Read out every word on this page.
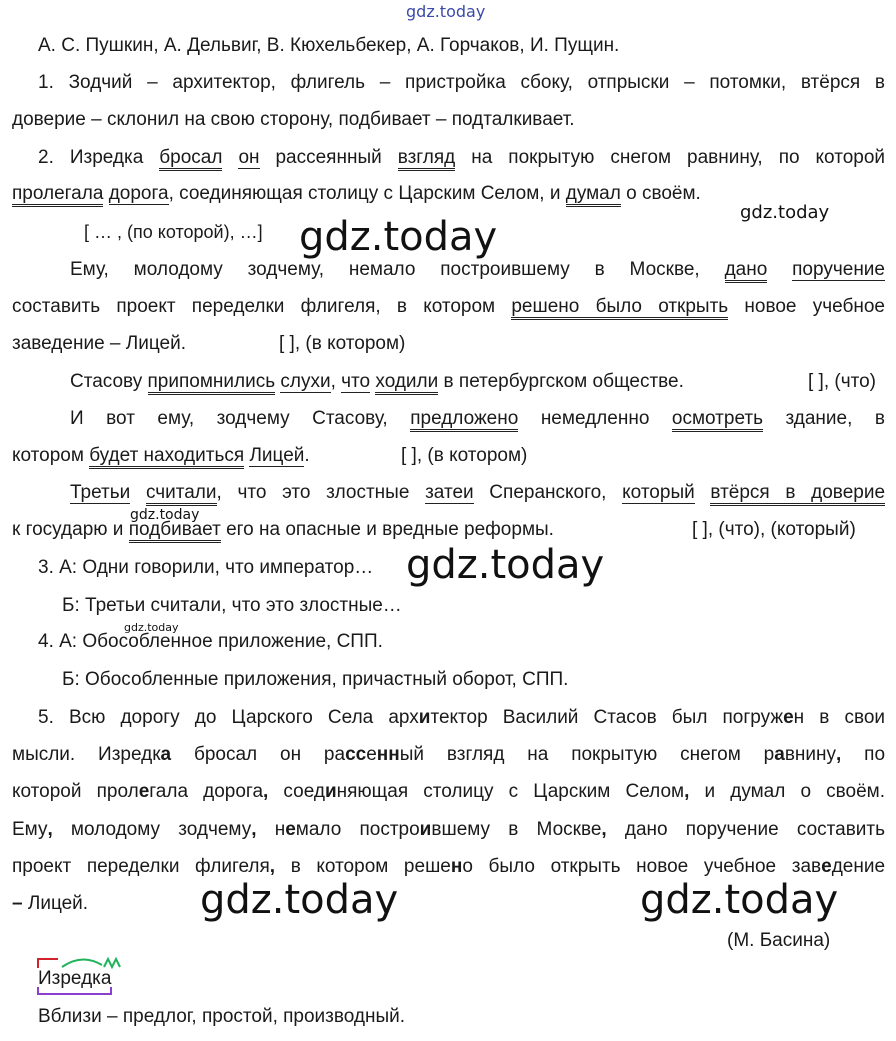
gdz.today
gdz.today
gdz.today
gdz.today
gdz.today
gdz.today
gdz.today	gdz.today
А. С. Пушкин, А. Дельвиг, В. Кюхельбекер, А. Горчаков, И. Пущин.
1. Зодчий – архитектор, флигель – пристройка сбоку, отпрыски – потомки, втёрся в
доверие – склонил на свою сторону, подбивает – подталкивает.
2. Изредка бросал он рассеянный взгляд на покрытую снегом равнину, по которой
пролегала дорога, соединяющая столицу с Царским Селом, и думал о своём.
[ … , (по которой), …]
Ему, молодому зодчему, немало построившему в Москве, дано поручение
составить проект переделки флигеля, в котором решено было открыть новое учебное
заведение – Лицей.	[ ], (в котором)
Стасову припомнились слухи, что ходили в петербургском обществе.	[ ], (что)
И вот ему, зодчему Стасову, предложено немедленно осмотреть здание, в
котором будет находиться Лицей.	[ ], (в котором)
Третьи считали, что это злостные затеи Сперанского, который втёрся в доверие
к государю и подбивает его на опасные и вредные реформы.	[ ], (что), (который)
3. А: Одни говорили, что император…
Б: Третьи считали, что это злостные…
4. А: Обособленное приложение, СПП.
Б: Обособленные приложения, причастный оборот, СПП.
5. Всю дорогу до Царского Села архитектор Василий Стасов был погружен в свои
мысли. Изредка бросал он рассенный взгляд на покрытую снегом равнину, по
которой пролегала дорога, соединяющая столицу с Царским Селом, и думал о своём.
Ему, молодому зодчему, немало построившему в Москве, дано поручение составить
проект переделки флигеля, в котором решено было открыть новое учебное заведение
– Лицей.
(М. Басина)
Изредка
Вблизи – предлог, простой, производный.
